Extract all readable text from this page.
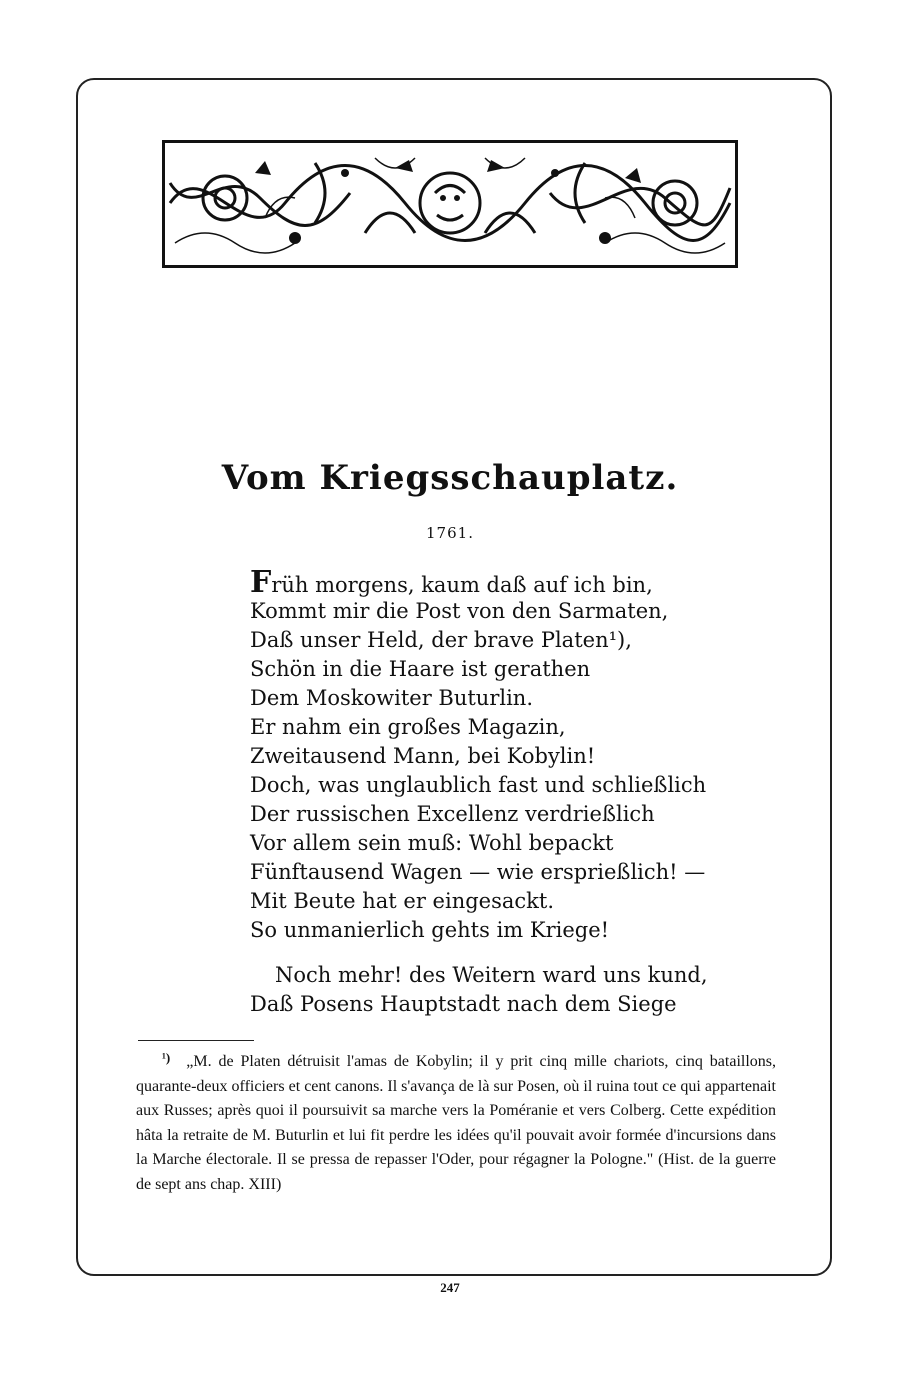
Vom Kriegsschauplatz.
1761.
Früh morgens, kaum daß auf ich bin,
Kommt mir die Post von den Sarmaten,
Daß unser Held, der brave Platen¹),
Schön in die Haare ist gerathen
Dem Moskowiter Buturlin.
Er nahm ein großes Magazin,
Zweitausend Mann, bei Kobylin!
Doch, was unglaublich fast und schließlich
Der russischen Excellenz verdrießlich
Vor allem sein muß: Wohl bepackt
Fünftausend Wagen — wie ersprießlich! —
Mit Beute hat er eingesackt.
So unmanierlich gehts im Kriege!
Noch mehr! des Weitern ward uns kund,
Daß Posens Hauptstadt nach dem Siege
¹) „M. de Platen détruisit l'amas de Kobylin; il y prit cinq mille chariots, cinq bataillons, quarante-deux officiers et cent canons. Il s'avança de là sur Posen, où il ruina tout ce qui appartenait aux Russes; après quoi il poursuivit sa marche vers la Poméranie et vers Colberg. Cette expédition hâta la retraite de M. Buturlin et lui fit perdre les idées qu'il pouvait avoir formée d'incursions dans la Marche électorale. Il se pressa de repasser l'Oder, pour régagner la Pologne." (Hist. de la guerre de sept ans chap. XIII)
247
